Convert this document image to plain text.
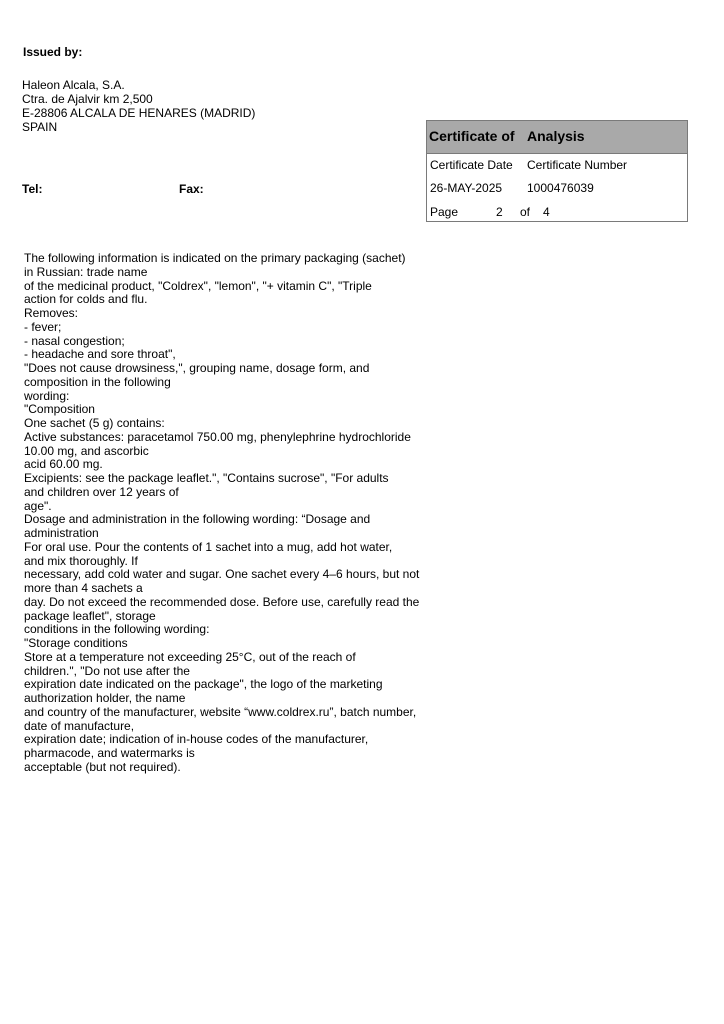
Issued by:
Haleon Alcala, S.A.
Ctra. de Ajalvir km 2,500
E-28806 ALCALA DE HENARES (MADRID)
SPAIN
Tel:	Fax:
Certificate of Analysis
Certificate Date Certificate Number
26-MAY-2025 1000476039
Page	2 of 4
The following information is indicated on the primary packaging (sachet)
in Russian: trade name
of the medicinal product, "Coldrex", "lemon", "+ vitamin C", "Triple
action for colds and flu.
Removes:
- fever;
- nasal congestion;
- headache and sore throat",
"Does not cause drowsiness,", grouping name, dosage form, and
composition in the following
wording:
"Composition
One sachet (5 g) contains:
Active substances: paracetamol 750.00 mg, phenylephrine hydrochloride
10.00 mg, and ascorbic
acid 60.00 mg.
Excipients: see the package leaflet.", "Contains sucrose", "For adults
and children over 12 years of
age".
Dosage and administration in the following wording: “Dosage and
administration
For oral use. Pour the contents of 1 sachet into a mug, add hot water,
and mix thoroughly. If
necessary, add cold water and sugar. One sachet every 4–6 hours, but not
more than 4 sachets a
day. Do not exceed the recommended dose. Before use, carefully read the
package leaflet", storage
conditions in the following wording:
"Storage conditions
Store at a temperature not exceeding 25°C, out of the reach of
children.", "Do not use after the
expiration date indicated on the package", the logo of the marketing
authorization holder, the name
and country of the manufacturer, website “www.coldrex.ru”, batch number,
date of manufacture,
expiration date; indication of in-house codes of the manufacturer,
pharmacode, and watermarks is
acceptable (but not required).
